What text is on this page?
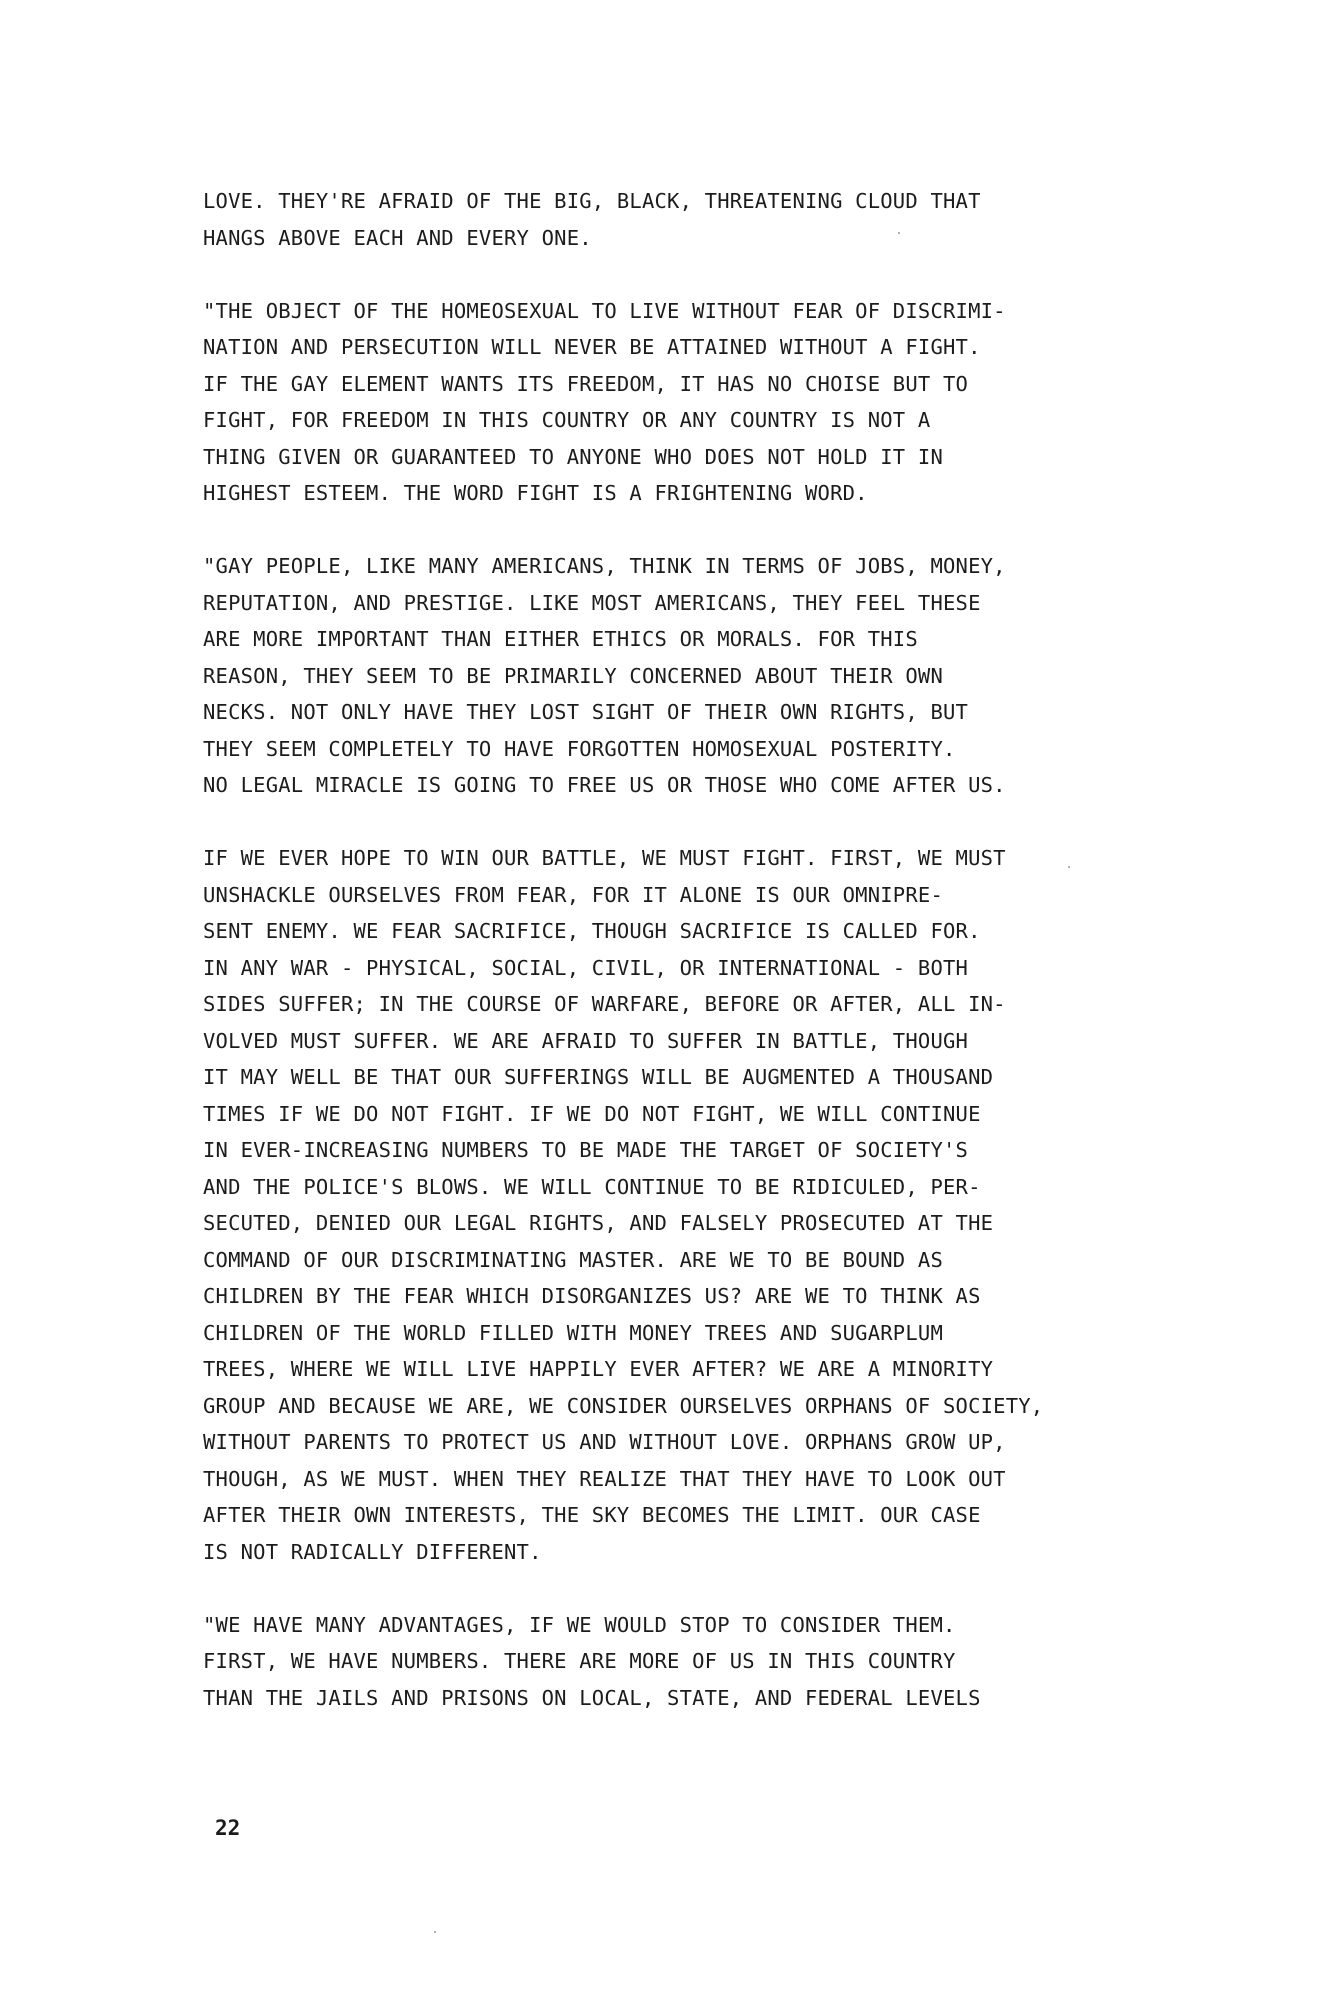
LOVE. THEY'RE AFRAID OF THE BIG, BLACK, THREATENING CLOUD THAT
HANGS ABOVE EACH AND EVERY ONE.
"THE OBJECT OF THE HOMEOSEXUAL TO LIVE WITHOUT FEAR OF DISCRIMI-
NATION AND PERSECUTION WILL NEVER BE ATTAINED WITHOUT A FIGHT.
IF THE GAY ELEMENT WANTS ITS FREEDOM, IT HAS NO CHOISE BUT TO
FIGHT, FOR FREEDOM IN THIS COUNTRY OR ANY COUNTRY IS NOT A
THING GIVEN OR GUARANTEED TO ANYONE WHO DOES NOT HOLD IT IN
HIGHEST ESTEEM. THE WORD FIGHT IS A FRIGHTENING WORD.
"GAY PEOPLE, LIKE MANY AMERICANS, THINK IN TERMS OF JOBS, MONEY,
REPUTATION, AND PRESTIGE. LIKE MOST AMERICANS, THEY FEEL THESE
ARE MORE IMPORTANT THAN EITHER ETHICS OR MORALS. FOR THIS
REASON, THEY SEEM TO BE PRIMARILY CONCERNED ABOUT THEIR OWN
NECKS. NOT ONLY HAVE THEY LOST SIGHT OF THEIR OWN RIGHTS, BUT
THEY SEEM COMPLETELY TO HAVE FORGOTTEN HOMOSEXUAL POSTERITY.
NO LEGAL MIRACLE IS GOING TO FREE US OR THOSE WHO COME AFTER US.
IF WE EVER HOPE TO WIN OUR BATTLE, WE MUST FIGHT. FIRST, WE MUST
UNSHACKLE OURSELVES FROM FEAR, FOR IT ALONE IS OUR OMNIPRE-
SENT ENEMY. WE FEAR SACRIFICE, THOUGH SACRIFICE IS CALLED FOR.
IN ANY WAR - PHYSICAL, SOCIAL, CIVIL, OR INTERNATIONAL - BOTH
SIDES SUFFER; IN THE COURSE OF WARFARE, BEFORE OR AFTER, ALL IN-
VOLVED MUST SUFFER. WE ARE AFRAID TO SUFFER IN BATTLE, THOUGH
IT MAY WELL BE THAT OUR SUFFERINGS WILL BE AUGMENTED A THOUSAND
TIMES IF WE DO NOT FIGHT. IF WE DO NOT FIGHT, WE WILL CONTINUE
IN EVER-INCREASING NUMBERS TO BE MADE THE TARGET OF SOCIETY'S
AND THE POLICE'S BLOWS. WE WILL CONTINUE TO BE RIDICULED, PER-
SECUTED, DENIED OUR LEGAL RIGHTS, AND FALSELY PROSECUTED AT THE
COMMAND OF OUR DISCRIMINATING MASTER. ARE WE TO BE BOUND AS
CHILDREN BY THE FEAR WHICH DISORGANIZES US? ARE WE TO THINK AS
CHILDREN OF THE WORLD FILLED WITH MONEY TREES AND SUGARPLUM
TREES, WHERE WE WILL LIVE HAPPILY EVER AFTER? WE ARE A MINORITY
GROUP AND BECAUSE WE ARE, WE CONSIDER OURSELVES ORPHANS OF SOCIETY,
WITHOUT PARENTS TO PROTECT US AND WITHOUT LOVE. ORPHANS GROW UP,
THOUGH, AS WE MUST. WHEN THEY REALIZE THAT THEY HAVE TO LOOK OUT
AFTER THEIR OWN INTERESTS, THE SKY BECOMES THE LIMIT. OUR CASE
IS NOT RADICALLY DIFFERENT.
"WE HAVE MANY ADVANTAGES, IF WE WOULD STOP TO CONSIDER THEM.
FIRST, WE HAVE NUMBERS. THERE ARE MORE OF US IN THIS COUNTRY
THAN THE JAILS AND PRISONS ON LOCAL, STATE, AND FEDERAL LEVELS
22
